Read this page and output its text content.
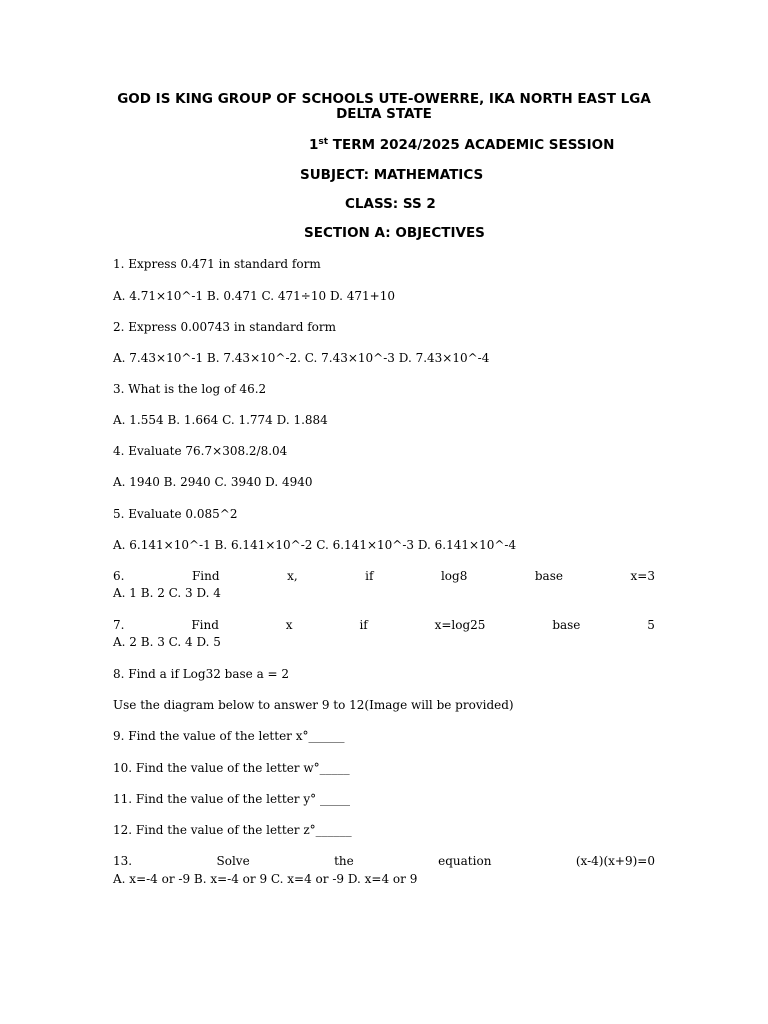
GOD IS KING GROUP OF SCHOOLS UTE-OWERRE, IKA NORTH EAST LGA DELTA STATE
1st TERM 2024/2025 ACADEMIC SESSION
SUBJECT: MATHEMATICS
CLASS: SS 2
SECTION A: OBJECTIVES
1. Express 0.471 in standard form
A. 4.71×10^-1 B. 0.471 C. 471÷10 D. 471+10
2. Express 0.00743 in standard form
A. 7.43×10^-1 B. 7.43×10^-2. C. 7.43×10^-3 D. 7.43×10^-4
3. What is the log of 46.2
A. 1.554 B. 1.664 C. 1.774 D. 1.884
4. Evaluate 76.7×308.2/8.04
A. 1940 B. 2940 C. 3940 D. 4940
5. Evaluate 0.085^2
A. 6.141×10^-1 B. 6.141×10^-2 C. 6.141×10^-3 D. 6.141×10^-4
6.	Find	x,	if	log8	base	x=3
A. 1 B. 2 C. 3 D. 4
7.	Find	x	if	x=log25	base	5
A. 2 B. 3 C. 4 D. 5
8. Find a if Log32 base a = 2
Use the diagram below to answer 9 to 12(Image will be provided)
9. Find the value of the letter x°______
10. Find the value of the letter w°_____
11. Find the value of the letter y° _____
12. Find the value of the letter z°______
13.	Solve	the	equation	(x-4)(x+9)=0
A. x=-4 or -9 B. x=-4 or 9 C. x=4 or -9 D. x=4 or 9
